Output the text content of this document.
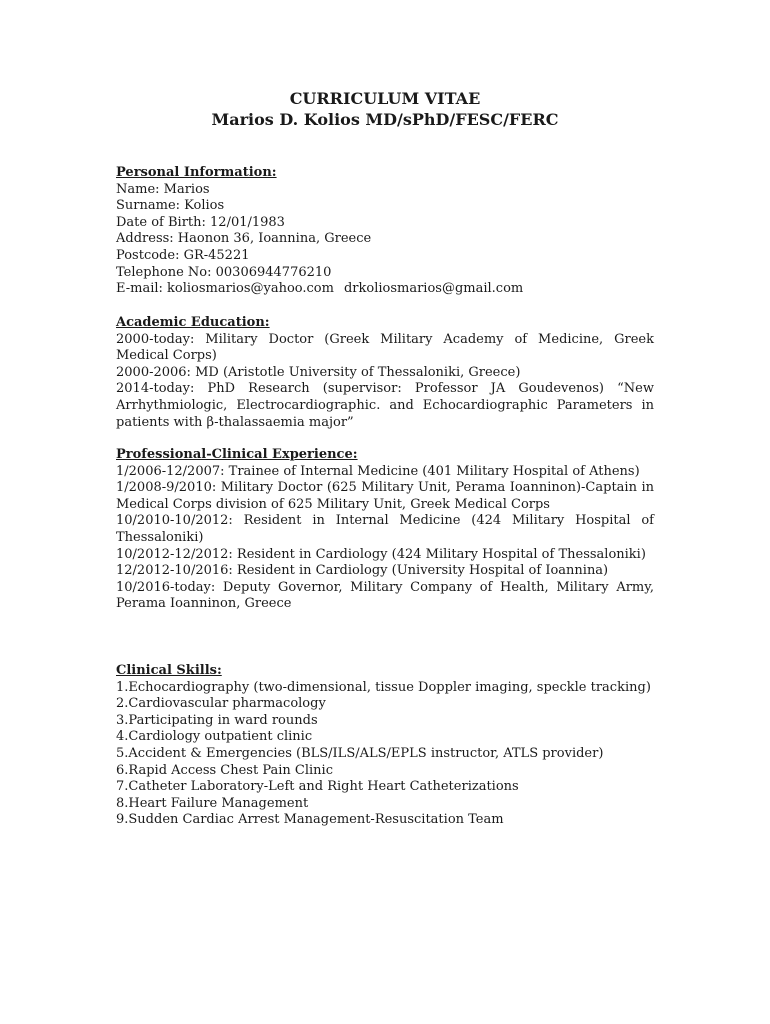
CURRICULUM VITAE
Marios D. Kolios MD/sPhD/FESC/FERC
Personal Information:
Name: Marios
Surname: Kolios
Date of Birth: 12/01/1983
Address: Haonon 36, Ioannina, Greece
Postcode: GR-45221
Telephone No: 00306944776210
E-mail: koliosmarios@yahoo.com drkoliosmarios@gmail.com
Academic Education:
2000-today: Military Doctor (Greek Military Academy of Medicine, Greek Medical Corps)
2000-2006: MD (Aristotle University of Thessaloniki, Greece)
2014-today: PhD Research (supervisor: Professor JA Goudevenos) “New Arrhythmiologic, Electrocardiographic. and Echocardiographic Parameters in patients with β-thalassaemia major”
Professional-Clinical Experience:
1/2006-12/2007: Trainee of Internal Medicine (401 Military Hospital of Athens)
1/2008-9/2010: Military Doctor (625 Military Unit, Perama Ioanninon)-Captain in Medical Corps division of 625 Military Unit, Greek Medical Corps
10/2010-10/2012: Resident in Internal Medicine (424 Military Hospital of Thessaloniki)
10/2012-12/2012: Resident in Cardiology (424 Military Hospital of Thessaloniki)
12/2012-10/2016: Resident in Cardiology (University Hospital of Ioannina)
10/2016-today: Deputy Governor, Military Company of Health, Military Army, Perama Ioanninon, Greece
Clinical Skills:
1.Echocardiography (two-dimensional, tissue Doppler imaging, speckle tracking)
2.Cardiovascular pharmacology
3.Participating in ward rounds
4.Cardiology outpatient clinic
5.Accident & Emergencies (BLS/ILS/ALS/EPLS instructor, ATLS provider)
6.Rapid Access Chest Pain Clinic
7.Catheter Laboratory-Left and Right Heart Catheterizations
8.Heart Failure Management
9.Sudden Cardiac Arrest Management-Resuscitation Team
